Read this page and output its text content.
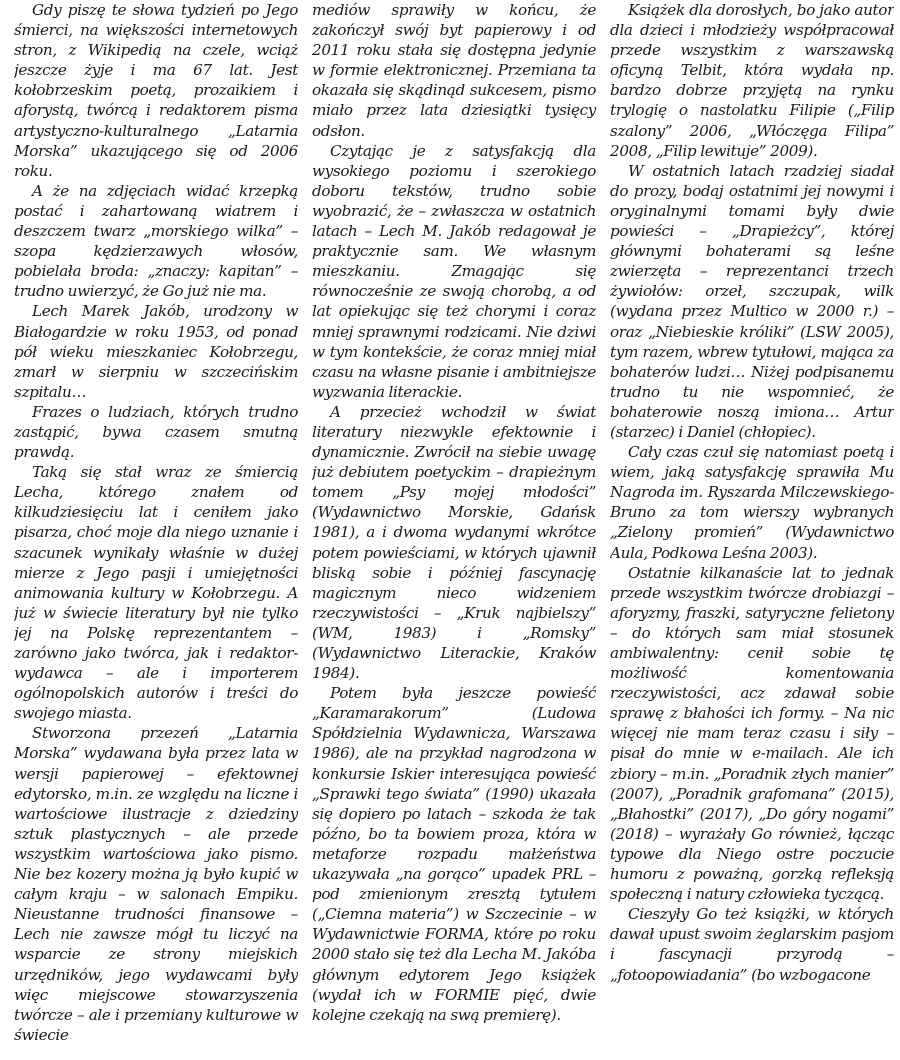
Gdy piszę te słowa tydzień po Jego śmierci, na większości internetowych stron, z Wikipedią na czele, wciąż jeszcze żyje i ma 67 lat. Jest kołobrzeskim poetą, prozaikiem i aforystą, twórcą i redaktorem pisma artystyczno-kulturalnego „Latarnia Morska” ukazującego się od 2006 roku.

A że na zdjęciach widać krzepką postać i zahartowaną wiatrem i deszczem twarz „morskiego wilka” – szopa kędzierzawych włosów, pobielała broda: „znaczy: kapitan” – trudno uwierzyć, że Go już nie ma.

Lech Marek Jakób, urodzony w Białogardzie w roku 1953, od ponad pół wieku mieszkaniec Kołobrzegu, zmarł w sierpniu w szczecińskim szpitalu…

Frazes o ludziach, których trudno zastąpić, bywa czasem smutną prawdą.

Taką się stał wraz ze śmiercią Lecha, którego znałem od kilkudziesięciu lat i ceniłem jako pisarza, choć moje dla niego uznanie i szacunek wynikały właśnie w dużej mierze z Jego pasji i umiejętności animowania kultury w Kołobrzegu. A już w świecie literatury był nie tylko jej na Polskę reprezentantem – zarówno jako twórca, jak i redaktor-wydawca – ale i importerem ogólnopolskich autorów i treści do swojego miasta.

Stworzona przezeń „Latarnia Morska” wydawana była przez lata w wersji papierowej – efektownej edytorsko, m.in. ze względu na liczne i wartościowe ilustracje z dziedziny sztuk plastycznych – ale przede wszystkim wartościowa jako pismo. Nie bez kozery można ją było kupić w całym kraju – w salonach Empiku. Nieustanne trudności finansowe – Lech nie zawsze mógł tu liczyć na wsparcie ze strony miejskich urzędników, jego wydawcami były więc miejscowe stowarzyszenia twórcze – ale i przemiany kulturowe w świecie

mediów sprawiły w końcu, że zakończył swój byt papierowy i od 2011 roku stała się dostępna jedynie w formie elektronicznej. Przemiana ta okazała się skądinąd sukcesem, pismo miało przez lata dziesiątki tysięcy odsłon.

Czytając je z satysfakcją dla wysokiego poziomu i szerokiego doboru tekstów, trudno sobie wyobrazić, że – zwłaszcza w ostatnich latach – Lech M. Jakób redagował je praktycznie sam. We własnym mieszkaniu. Zmagając się równocześnie ze swoją chorobą, a od lat opiekując się też chorymi i coraz mniej sprawnymi rodzicami. Nie dziwi w tym kontekście, że coraz mniej miał czasu na własne pisanie i ambitniejsze wyzwania literackie.

A przecież wchodził w świat literatury niezwykle efektownie i dynamicznie. Zwrócił na siebie uwagę już debiutem poetyckim – drapieżnym tomem „Psy mojej młodości” (Wydawnictwo Morskie, Gdańsk 1981), a i dwoma wydanymi wkrótce potem powieściami, w których ujawnił bliską sobie i później fascynację magicznym nieco widzeniem rzeczywistości – „Kruk najbielszy” (WM, 1983) i „Romsky” (Wydawnictwo Literackie, Kraków 1984).

Potem była jeszcze powieść „Karamarakorum” (Ludowa Spółdzielnia Wydawnicza, Warszawa 1986), ale na przykład nagrodzona w konkursie Iskier interesująca powieść „Sprawki tego świata” (1990) ukazała się dopiero po latach – szkoda że tak późno, bo ta bowiem proza, która w metaforze rozpadu małżeństwa ukazywała „na gorąco” upadek PRL – pod zmienionym zresztą tytułem („Ciemna materia”) w Szczecinie – w Wydawnictwie FORMA, które po roku 2000 stało się też dla Lecha M. Jakóba głównym edytorem Jego książek (wydał ich w FORMIE pięć, dwie kolejne czekają na swą premierę).

Książek dla dorosłych, bo jako autor dla dzieci i młodzieży współpracował przede wszystkim z warszawską oficyną Telbit, która wydała np. bardzo dobrze przyjętą na rynku trylogię o nastolatku Filipie („Filip szalony” 2006, „Włóczęga Filipa” 2008, „Filip lewituje” 2009).

W ostatnich latach rzadziej siadał do prozy, bodaj ostatnimi jej nowymi i oryginalnymi tomami były dwie powieści – „Drapieżcy”, której głównymi bohaterami są leśne zwierzęta – reprezentanci trzech żywiołów: orzeł, szczupak, wilk (wydana przez Multico w 2000 r.) – oraz „Niebieskie króliki” (LSW 2005), tym razem, wbrew tytułowi, mająca za bohaterów ludzi… Niżej podpisanemu trudno tu nie wspomnieć, że bohaterowie noszą imiona… Artur (starzec) i Daniel (chłopiec).

Cały czas czuł się natomiast poetą i wiem, jaką satysfakcję sprawiła Mu Nagroda im. Ryszarda Milczewskiego-Bruno za tom wierszy wybranych „Zielony promień” (Wydawnictwo Aula, Podkowa Leśna 2003).

Ostatnie kilkanaście lat to jednak przede wszystkim twórcze drobiazgi – aforyzmy, fraszki, satyryczne felietony – do których sam miał stosunek ambiwalentny: cenił sobie tę możliwość komentowania rzeczywistości, acz zdawał sobie sprawę z błahości ich formy. – Na nic więcej nie mam teraz czasu i siły – pisał do mnie w e-mailach. Ale ich zbiory – m.in. „Poradnik złych manier” (2007), „Poradnik grafomana” (2015), „Błahostki” (2017), „Do góry nogami” (2018) – wyrażały Go również, łącząc typowe dla Niego ostre poczucie humoru z poważną, gorzką refleksją społeczną i natury człowieka tyczącą.

Cieszyły Go też książki, w których dawał upust swoim żeglarskim pasjom i fascynacji przyrodą – „fotoopowiadania” (bo wzbogacone
